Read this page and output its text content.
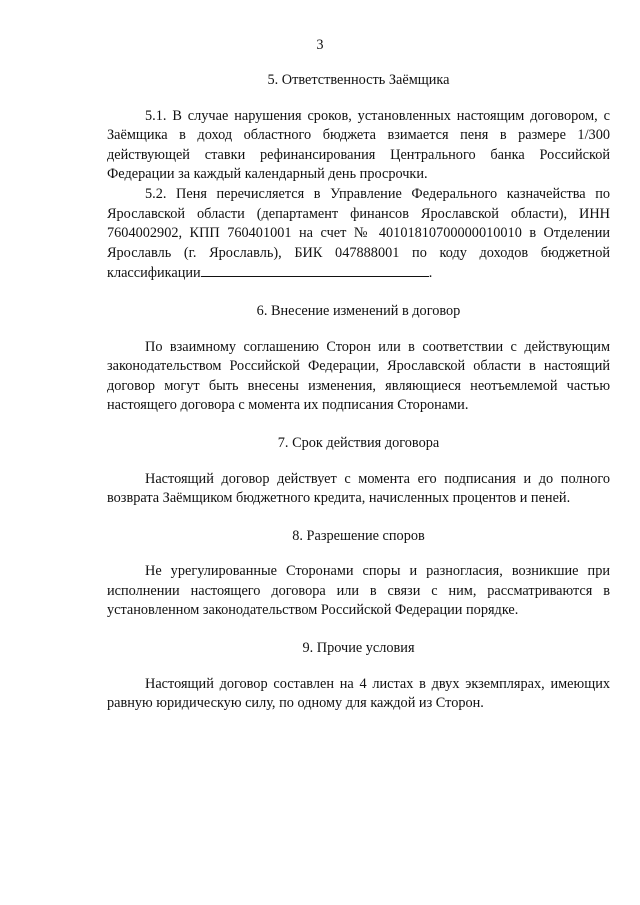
3
5. Ответственность Заёмщика

5.1. В случае нарушения сроков, установленных настоящим договором, с Заёмщика в доход областного бюджета взимается пеня в размере 1/300 действующей ставки рефинансирования Центрального банка Российской Федерации за каждый календарный день просрочки.

5.2. Пеня перечисляется в Управление Федерального казначейства по Ярославской области (департамент финансов Ярославской области), ИНН 7604002902, КПП 760401001 на счет № 40101810700000010010 в Отделении Ярославль (г. Ярославль), БИК 047888001 по коду доходов бюджетной классификации	.

6. Внесение изменений в договор

По взаимному соглашению Сторон или в соответствии с действующим законодательством Российской Федерации, Ярославской области в настоящий договор могут быть внесены изменения, являющиеся неотъемлемой частью настоящего договора с момента их подписания Сторонами.

7. Срок действия договора

Настоящий договор действует с момента его подписания и до полного возврата Заёмщиком бюджетного кредита, начисленных процентов и пеней.

8. Разрешение споров

Не урегулированные Сторонами споры и разногласия, возникшие при исполнении настоящего договора или в связи с ним, рассматриваются в установленном законодательством Российской Федерации порядке.

9. Прочие условия

Настоящий договор составлен на 4 листах в двух экземплярах, имеющих равную юридическую силу, по одному для каждой из Сторон.
